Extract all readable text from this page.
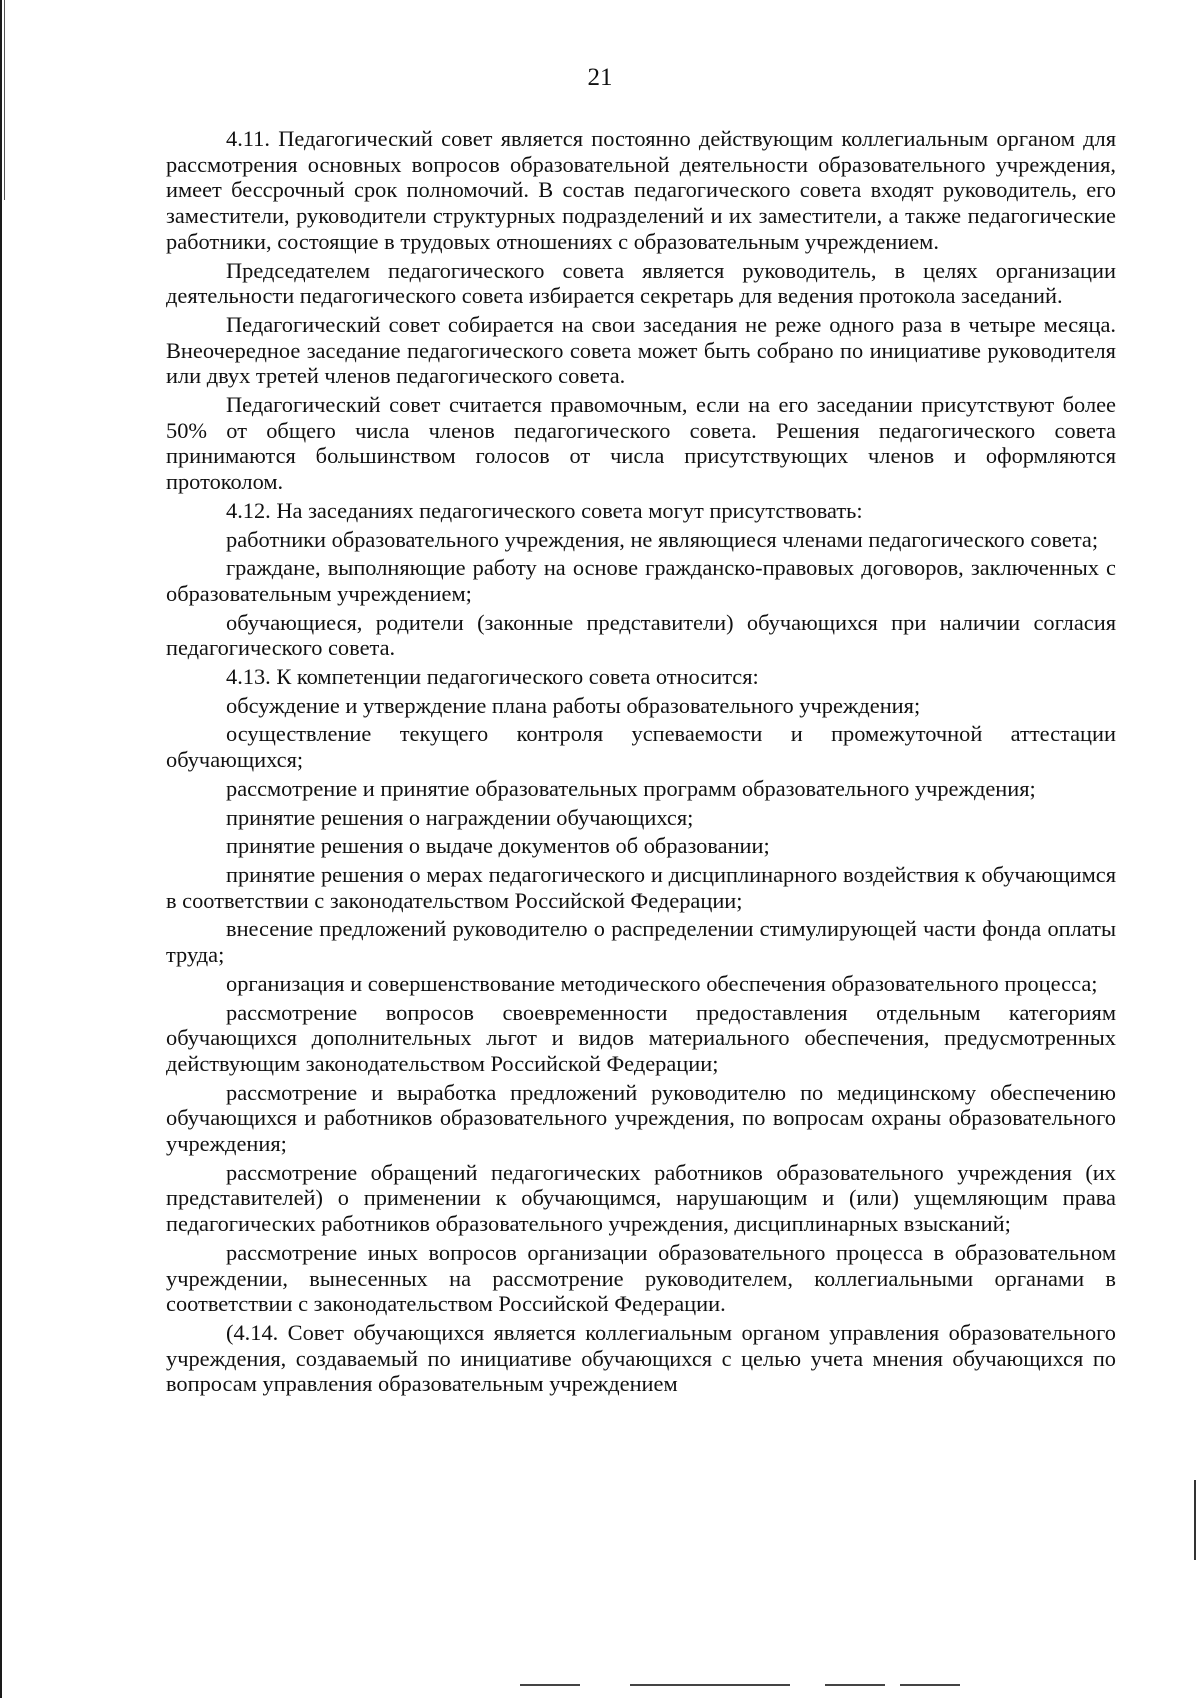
21

4.11. Педагогический совет является постоянно действующим коллегиальным органом для рассмотрения основных вопросов образовательной деятельности образовательного учреждения, имеет бессрочный срок полномочий. В состав педагогического совета входят руководитель, его заместители, руководители структурных подразделений и их заместители, а также педагогические работники, состоящие в трудовых отношениях с образовательным учреждением.

Председателем педагогического совета является руководитель, в целях организации деятельности педагогического совета избирается секретарь для ведения протокола заседаний.

Педагогический совет собирается на свои заседания не реже одного раза в четыре месяца. Внеочередное заседание педагогического совета может быть собрано по инициативе руководителя или двух третей членов педагогического совета.

Педагогический совет считается правомочным, если на его заседании присутствуют более 50% от общего числа членов педагогического совета. Решения педагогического совета принимаются большинством голосов от числа присутствующих членов и оформляются протоколом.

4.12. На заседаниях педагогического совета могут присутствовать:

работники образовательного учреждения, не являющиеся членами педагогического совета;

граждане, выполняющие работу на основе гражданско-правовых договоров, заключенных с образовательным учреждением;

обучающиеся, родители (законные представители) обучающихся при наличии согласия педагогического совета.

4.13. К компетенции педагогического совета относится:

обсуждение и утверждение плана работы образовательного учреждения;

осуществление текущего контроля успеваемости и промежуточной аттестации обучающихся;

рассмотрение и принятие образовательных программ образовательного учреждения;

принятие решения о награждении обучающихся;

принятие решения о выдаче документов об образовании;

принятие решения о мерах педагогического и дисциплинарного воздействия к обучающимся в соответствии с законодательством Российской Федерации;

внесение предложений руководителю о распределении стимулирующей части фонда оплаты труда;

организация и совершенствование методического обеспечения образовательного процесса;

рассмотрение вопросов своевременности предоставления отдельным категориям обучающихся дополнительных льгот и видов материального обеспечения, предусмотренных действующим законодательством Российской Федерации;

рассмотрение и выработка предложений руководителю по медицинскому обеспечению обучающихся и работников образовательного учреждения, по вопросам охраны образовательного учреждения;

рассмотрение обращений педагогических работников образовательного учреждения (их представителей) о применении к обучающимся, нарушающим и (или) ущемляющим права педагогических работников образовательного учреждения, дисциплинарных взысканий;

рассмотрение иных вопросов организации образовательного процесса в образовательном учреждении, вынесенных на рассмотрение руководителем, коллегиальными органами в соответствии с законодательством Российской Федерации.

(4.14. Совет обучающихся является коллегиальным органом управления образовательного учреждения, создаваемый по инициативе обучающихся с целью учета мнения обучающихся по вопросам управления образовательным учреждением
